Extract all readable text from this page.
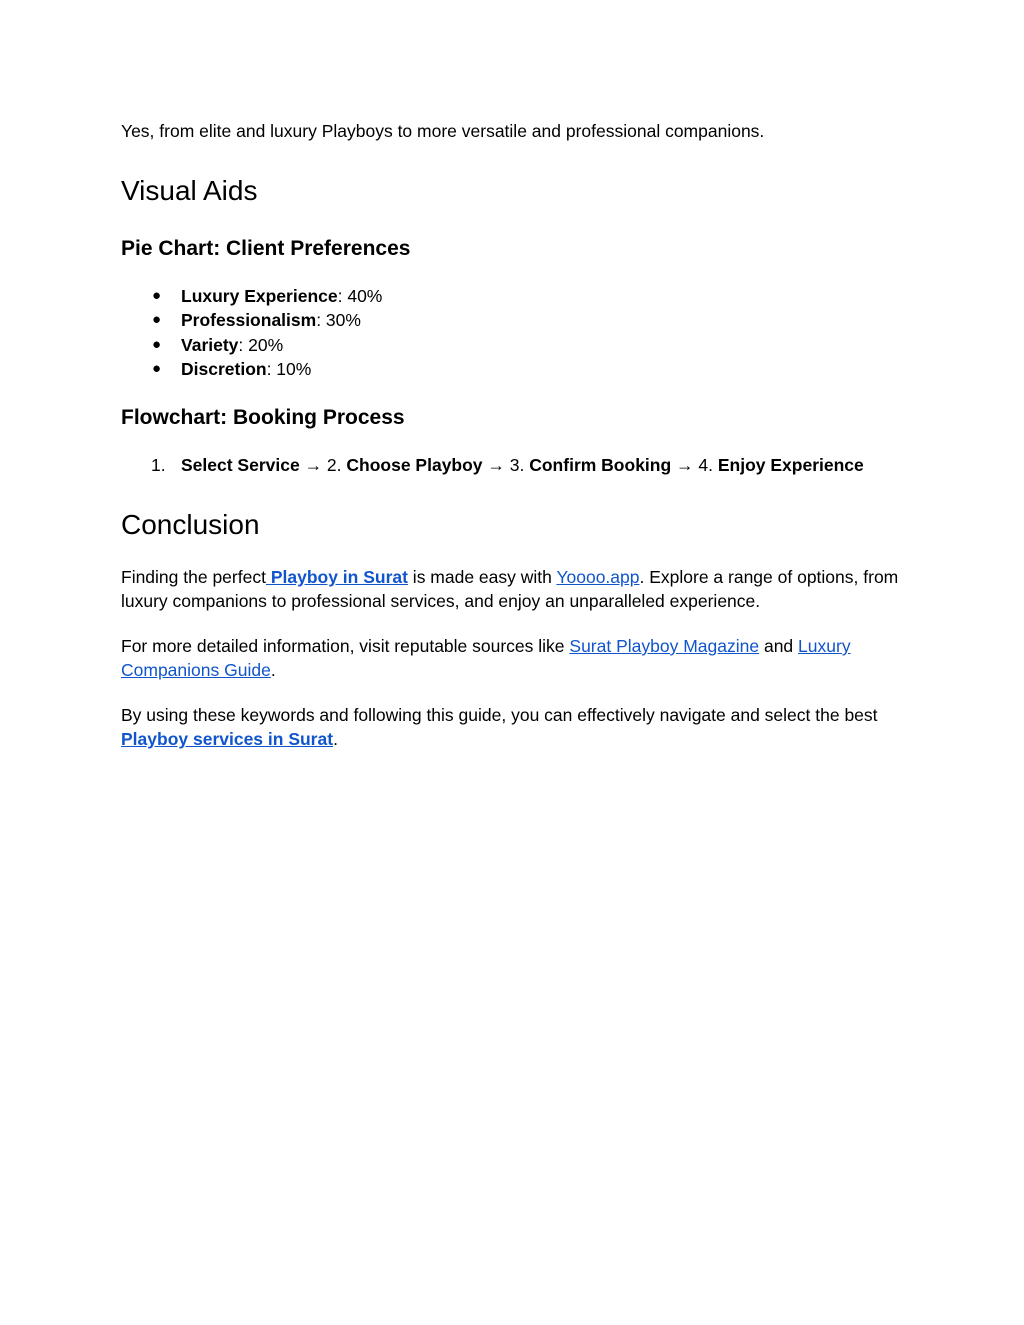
Yes, from elite and luxury Playboys to more versatile and professional companions.

Visual Aids
Pie Chart: Client Preferences
● Luxury Experience: 40%
● Professionalism: 30%
● Variety: 20%
● Discretion: 10%
Flowchart: Booking Process
1. Select Service → 2. Choose Playboy → 3. Confirm Booking → 4. Enjoy Experience
Conclusion

Finding the perfect Playboy in Surat is made easy with Yoooo.app. Explore a range of options, from luxury companions to professional services, and enjoy an unparalleled experience.

For more detailed information, visit reputable sources like Surat Playboy Magazine and Luxury Companions Guide.

By using these keywords and following this guide, you can effectively navigate and select the best Playboy services in Surat.
